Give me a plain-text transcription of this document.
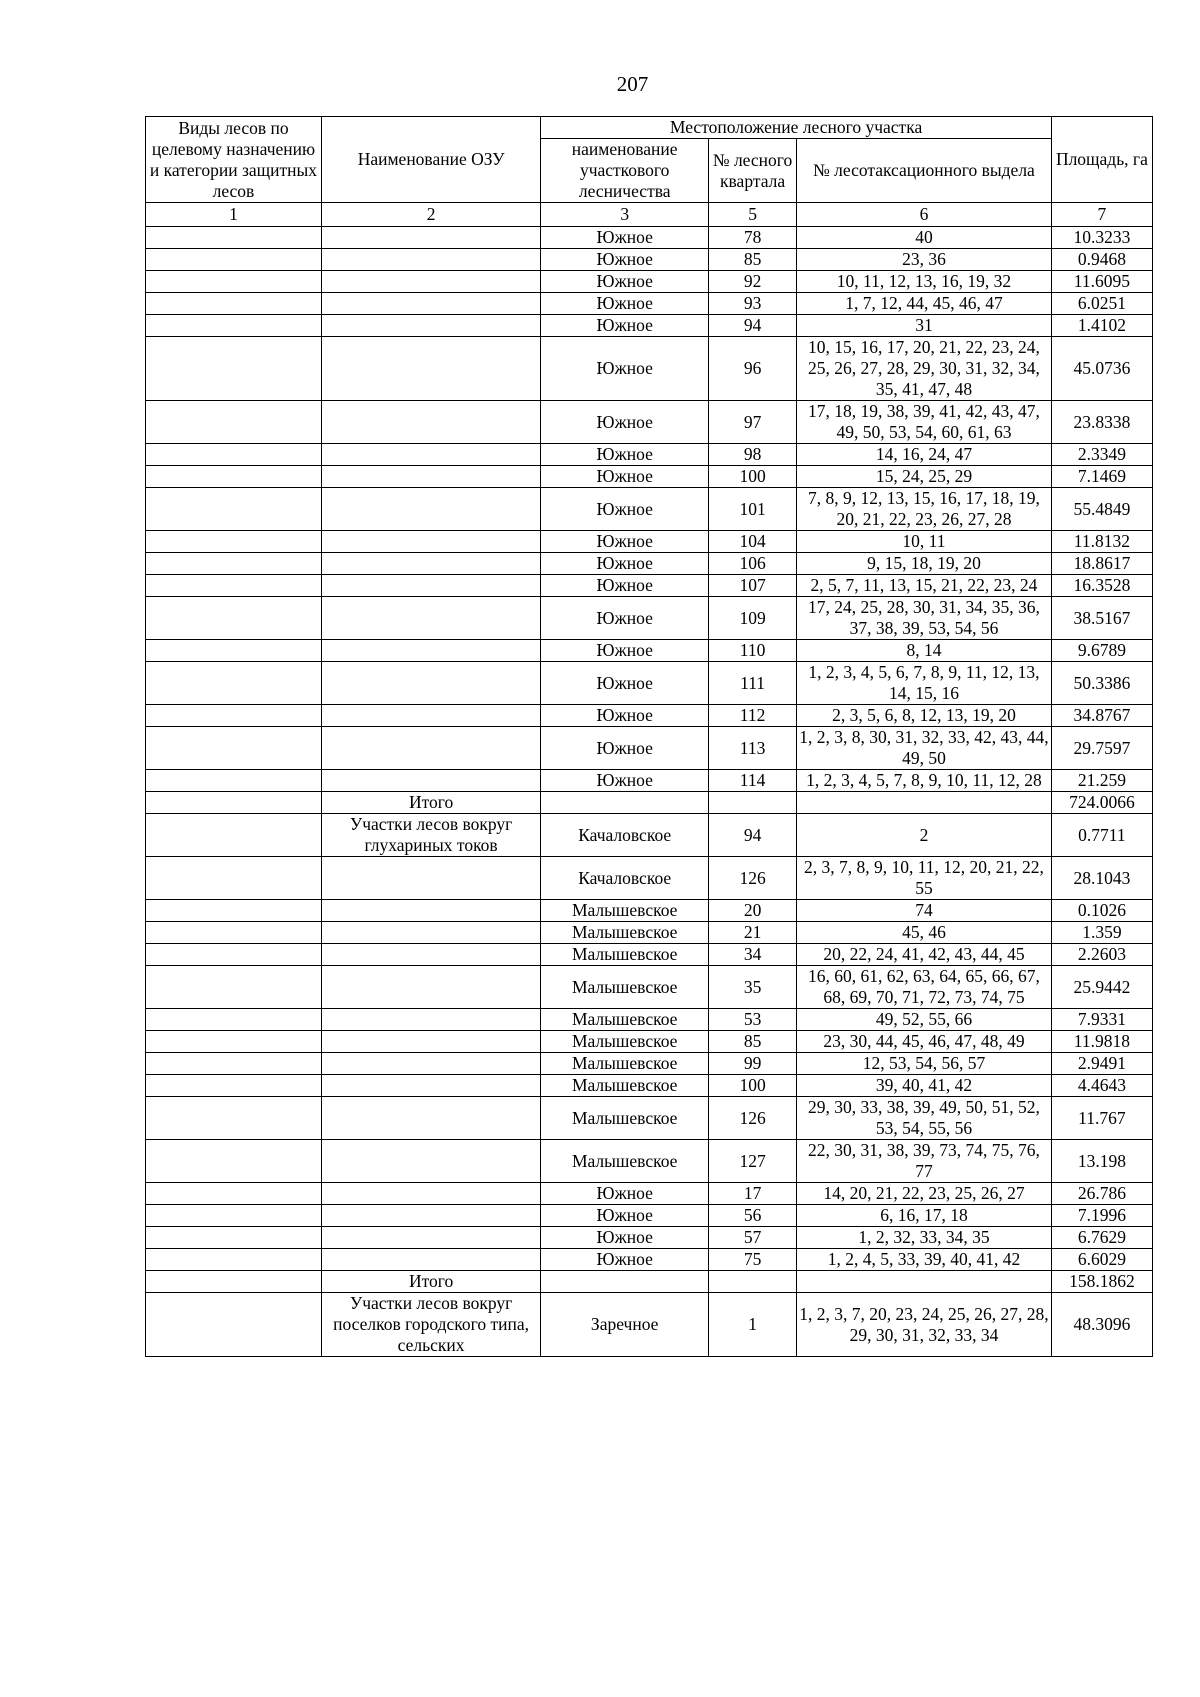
207
Виды лесов по целевому назначению и категории защитных лесов	Наименование ОЗУ	Местоположение лесного участка			Площадь, га
		наименование участкового лесничества	№ лесного квартала	№ лесотаксационного выдела	
1	2	3	5	6	7
		Южное	78	40	10.3233
		Южное	85	23, 36	0.9468
		Южное	92	10, 11, 12, 13, 16, 19, 32	11.6095
		Южное	93	1, 7, 12, 44, 45, 46, 47	6.0251
		Южное	94	31	1.4102
		Южное	96	10, 15, 16, 17, 20, 21, 22, 23, 24, 25, 26, 27, 28, 29, 30, 31, 32, 34, 35, 41, 47, 48	45.0736
		Южное	97	17, 18, 19, 38, 39, 41, 42, 43, 47, 49, 50, 53, 54, 60, 61, 63	23.8338
		Южное	98	14, 16, 24, 47	2.3349
		Южное	100	15, 24, 25, 29	7.1469
		Южное	101	7, 8, 9, 12, 13, 15, 16, 17, 18, 19, 20, 21, 22, 23, 26, 27, 28	55.4849
		Южное	104	10, 11	11.8132
		Южное	106	9, 15, 18, 19, 20	18.8617
		Южное	107	2, 5, 7, 11, 13, 15, 21, 22, 23, 24	16.3528
		Южное	109	17, 24, 25, 28, 30, 31, 34, 35, 36, 37, 38, 39, 53, 54, 56	38.5167
		Южное	110	8, 14	9.6789
		Южное	111	1, 2, 3, 4, 5, 6, 7, 8, 9, 11, 12, 13, 14, 15, 16	50.3386
		Южное	112	2, 3, 5, 6, 8, 12, 13, 19, 20	34.8767
		Южное	113	1, 2, 3, 8, 30, 31, 32, 33, 42, 43, 44, 49, 50	29.7597
		Южное	114	1, 2, 3, 4, 5, 7, 8, 9, 10, 11, 12, 28	21.259
	Итого				724.0066
	Участки лесов вокруг глухариных токов	Качаловское	94	2	0.7711
		Качаловское	126	2, 3, 7, 8, 9, 10, 11, 12, 20, 21, 22, 55	28.1043
		Малышевское	20	74	0.1026
		Малышевское	21	45, 46	1.359
		Малышевское	34	20, 22, 24, 41, 42, 43, 44, 45	2.2603
		Малышевское	35	16, 60, 61, 62, 63, 64, 65, 66, 67, 68, 69, 70, 71, 72, 73, 74, 75	25.9442
		Малышевское	53	49, 52, 55, 66	7.9331
		Малышевское	85	23, 30, 44, 45, 46, 47, 48, 49	11.9818
		Малышевское	99	12, 53, 54, 56, 57	2.9491
		Малышевское	100	39, 40, 41, 42	4.4643
		Малышевское	126	29, 30, 33, 38, 39, 49, 50, 51, 52, 53, 54, 55, 56	11.767
		Малышевское	127	22, 30, 31, 38, 39, 73, 74, 75, 76, 77	13.198
		Южное	17	14, 20, 21, 22, 23, 25, 26, 27	26.786
		Южное	56	6, 16, 17, 18	7.1996
		Южное	57	1, 2, 32, 33, 34, 35	6.7629
		Южное	75	1, 2, 4, 5, 33, 39, 40, 41, 42	6.6029
	Итого				158.1862
	Участки лесов вокруг поселков городского типа, сельских	Заречное	1	1, 2, 3, 7, 20, 23, 24, 25, 26, 27, 28, 29, 30, 31, 32, 33, 34	48.3096
